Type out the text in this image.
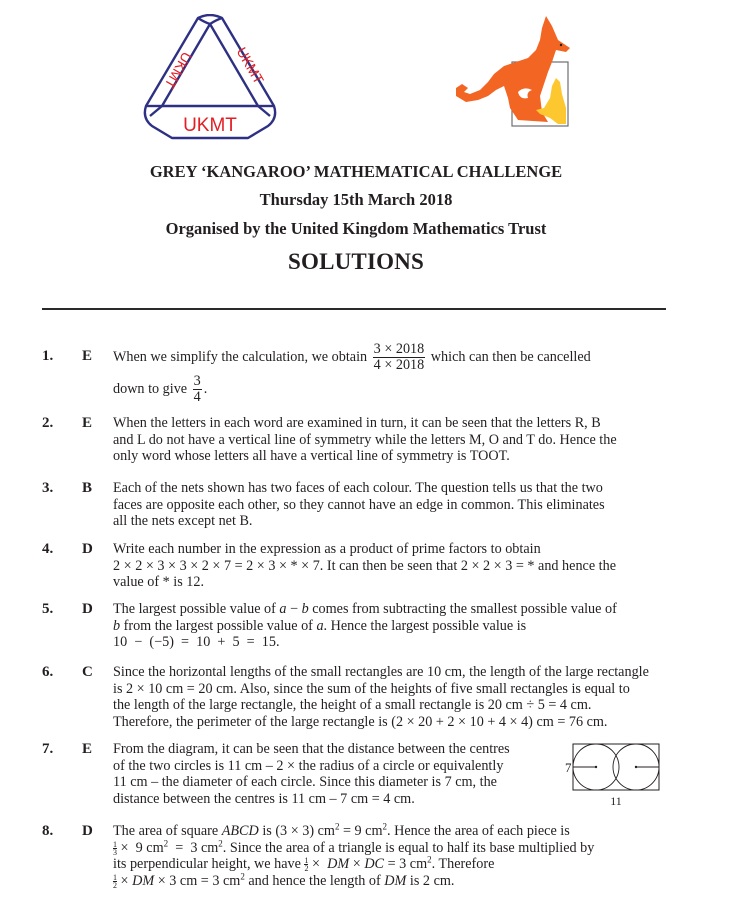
UKMT
UKMT	UKMT
GREY ‘KANGAROO’ MATHEMATICAL CHALLENGE
Thursday 15th March 2018
Organised by the United Kingdom Mathematics Trust
SOLUTIONS
1. E When we simplify the calculation, we obtain $\frac{3 \times 2018}{4 \times 2018}$ which can then be cancelled
down to give $\frac{3}{4}$ .
2. E When the letters in each word are examined in turn, it can be seen that the letters R, B
and L do not have a vertical line of symmetry while the letters M, O and T do. Hence the
only word whose letters all have a vertical line of symmetry is TOOT.
3. B Each of the nets shown has two faces of each colour. The question tells us that the two
faces are opposite each other, so they cannot have an edge in common. This eliminates
all the nets except net B.
4. D Write each number in the expression as a product of prime factors to obtain
2 × 2 × 3 × 3 × 2 × 7 = 2 × 3 × * × 7. It can then be seen that 2 × 2 × 3 = * and hence the
value of * is 12.
5. D The largest possible value of a − b comes from subtracting the smallest possible value of
b from the largest possible value of a. Hence the largest possible value is
10  −  (−5)  =  10  +  5  =  15.
6. C Since the horizontal lengths of the small rectangles are 10 cm, the length of the large rectangle
is 2 × 10 cm = 20 cm. Also, since the sum of the heights of five small rectangles is equal to
the length of the large rectangle, the height of a small rectangle is 20 cm ÷ 5 = 4 cm.
Therefore, the perimeter of the large rectangle is (2 × 20 + 2 × 10 + 4 × 4) cm = 76 cm.
7. E From the diagram, it can be seen that the distance between the centres
of the two circles is 11 cm – 2 × the radius of a circle or equivalently
11 cm – the diameter of each circle. Since this diameter is 7 cm, the
distance between the centres is 11 cm – 7 cm = 4 cm.
7
11
8. D The area of square ABCD is (3 × 3) $cm^2 = 9$ $cm^2$. Hence the area of each piece is
$\frac{1}{3} \times 9$ $cm^2 = 3$ $cm^2$. Since the area of a triangle is equal to half its base multiplied by
its perpendicular height, we have $\frac{1}{2}$ ×  DM × DC = 3 $cm^2$. Therefore
$\frac{1}{2}$ × DM × 3 cm = 3 $cm^2$ and hence the length of DM is 2 cm.
